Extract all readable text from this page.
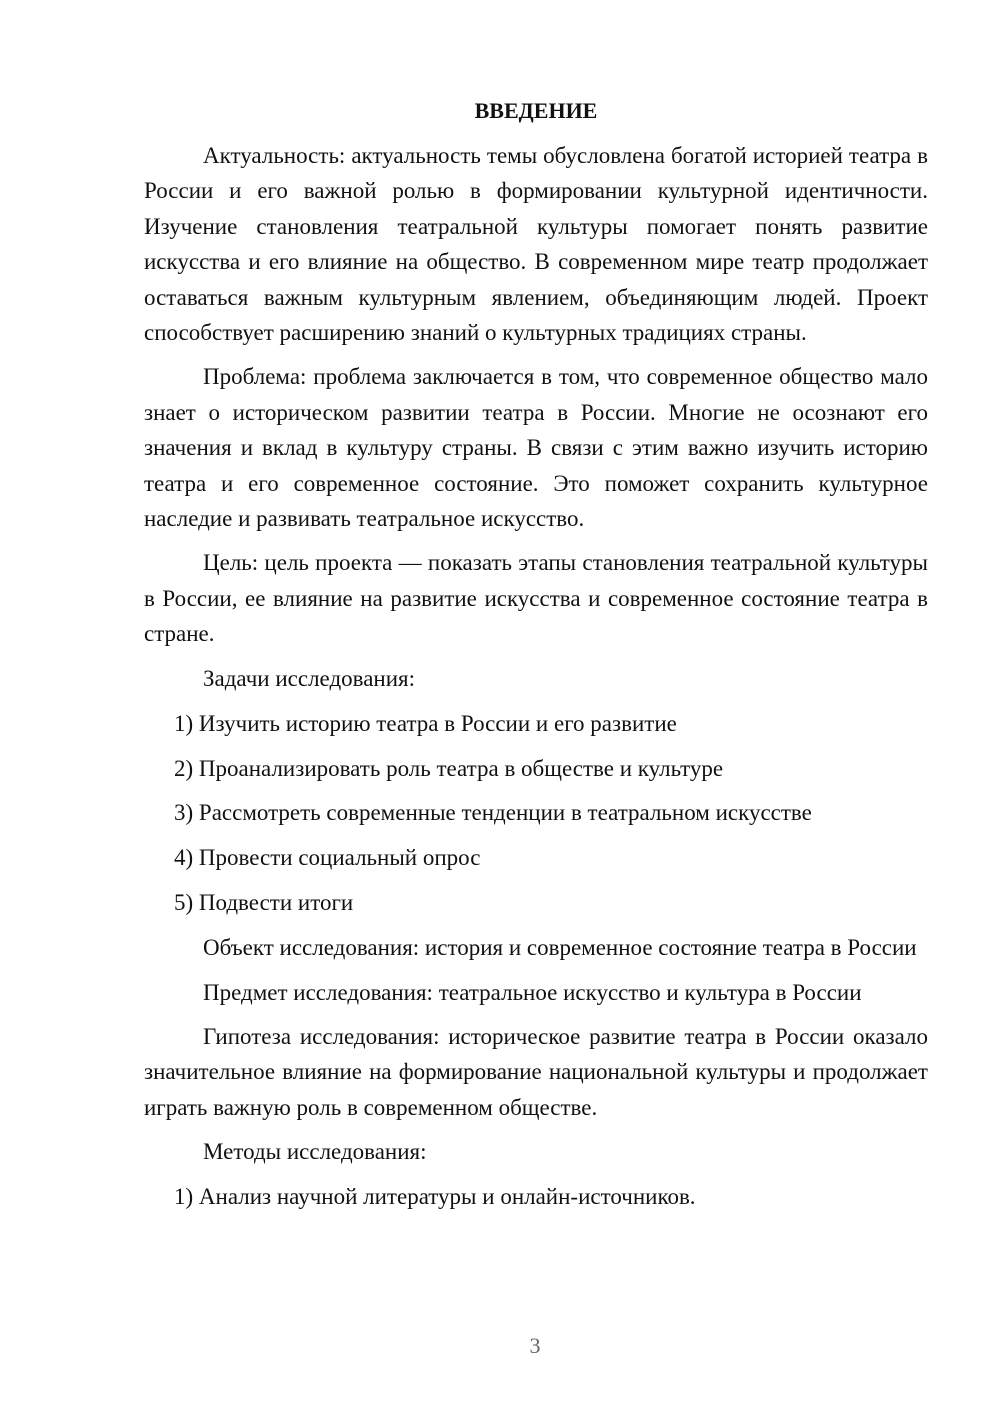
ВВЕДЕНИЕ

Актуальность: актуальность темы обусловлена богатой историей театра в России и его важной ролью в формировании культурной идентичности. Изучение становления театральной культуры помогает понять развитие искусства и его влияние на общество. В современном мире театр продолжает оставаться важным культурным явлением, объединяющим людей. Проект способствует расширению знаний о культурных традициях страны.

Проблема: проблема заключается в том, что современное общество мало знает о историческом развитии театра в России. Многие не осознают его значения и вклад в культуру страны. В связи с этим важно изучить историю театра и его современное состояние. Это поможет сохранить культурное наследие и развивать театральное искусство.

Цель: цель проекта — показать этапы становления театральной культуры в России, ее влияние на развитие искусства и современное состояние театра в стране.

Задачи исследования:
1) Изучить историю театра в России и его развитие
2) Проанализировать роль театра в обществе и культуре
3) Рассмотреть современные тенденции в театральном искусстве
4) Провести социальный опрос
5) Подвести итоги

Объект исследования: история и современное состояние театра в России

Предмет исследования: театральное искусство и культура в России

Гипотеза исследования: историческое развитие театра в России оказало значительное влияние на формирование национальной культуры и продолжает играть важную роль в современном обществе.

Методы исследования:
1) Анализ научной литературы и онлайн-источников.
3
